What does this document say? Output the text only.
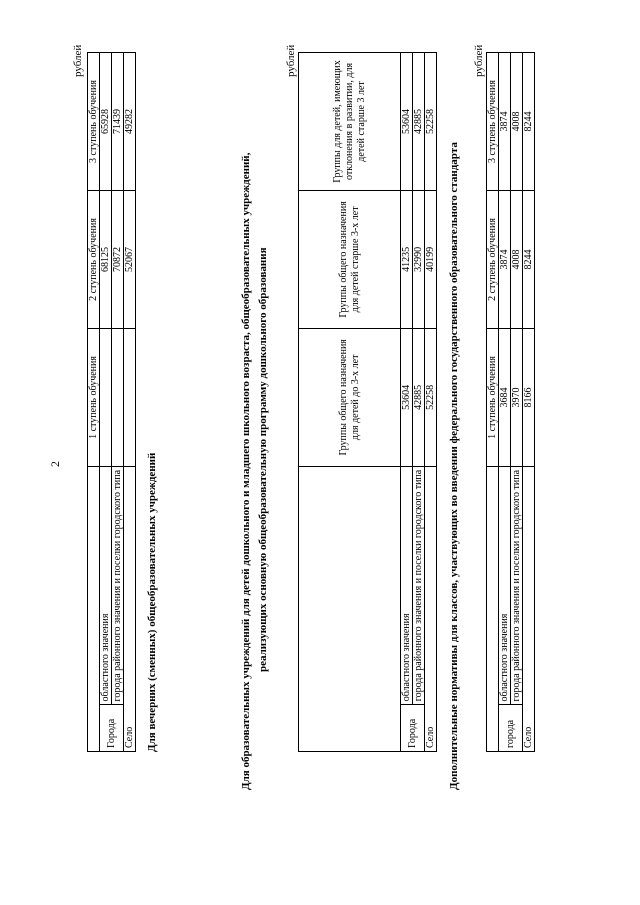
2
рублей
		1 ступень обучения	2 ступень обучения	3 ступень обучения
Города	областного значения		68125	65928
	города районного значения и поселки городского типа		70872	71439
Село			52067	49282
Для вечерних (сменных) общеобразовательных учреждений	Для образовательных учреждений для детей дошкольного и младшего школьного возраста, общеобразовательных учреждений, реализующих основную общеобразовательную программу дошкольного образования
рублей
		Группы общего назначения для детей до 3-х лет	Группы общего назначения для детей старше 3-х лет	Группы для детей, имеющих отклонения в развитии, для детей старше 3 лет
Города	областного значения	53604	41235	53604
	города районного значения и поселки городского типа	42885	32990	42885
Село		52258	40199	52258
Дополнительные нормативы для классов, участвующих во введении федерального государственного образовательного стандарта
рублей
		1 ступень обучения	2 ступень обучения	3 ступень обучения
города	областного значения	3684	3874	3874
	города районного значения и поселки городского типа	3970	4008	4008
Село		8166	8244	8244
